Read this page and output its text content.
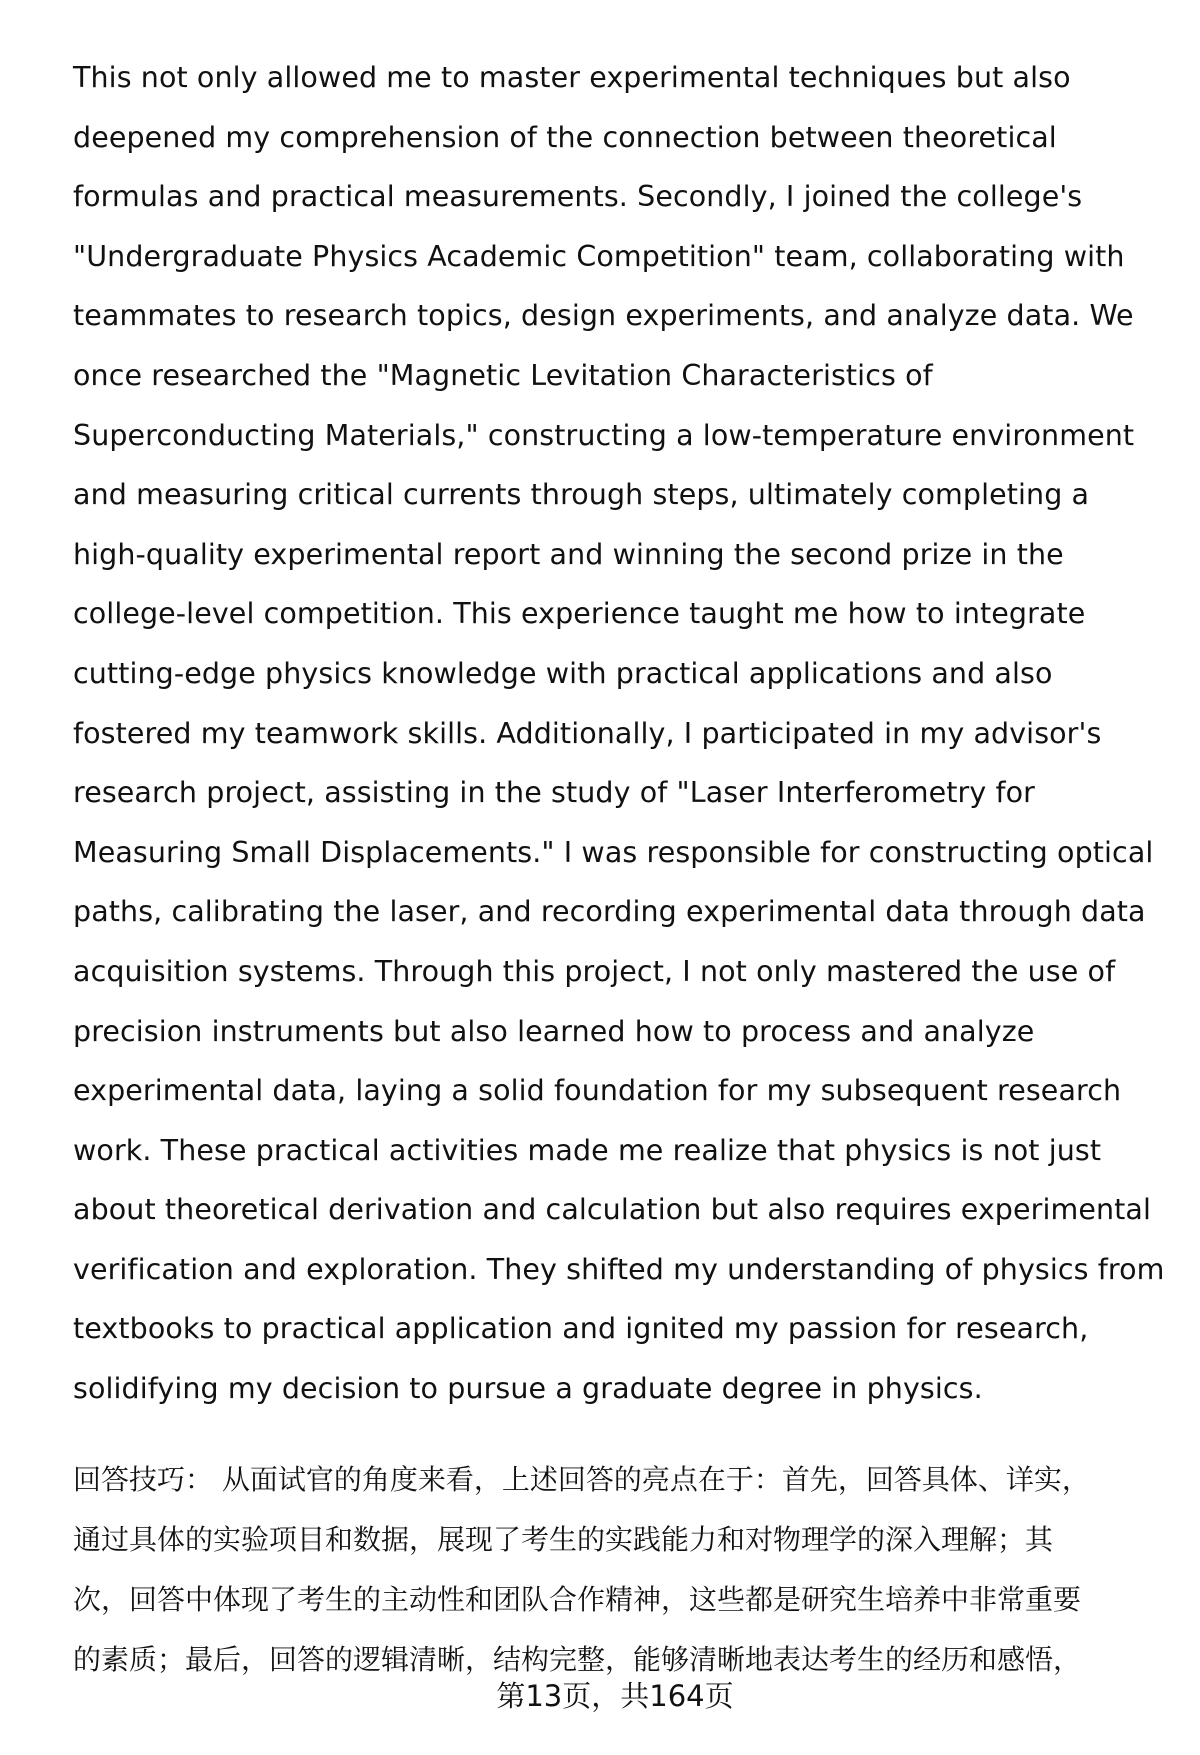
This not only allowed me to master experimental techniques but also
deepened my comprehension of the connection between theoretical
formulas and practical measurements. Secondly, I joined the college's
"Undergraduate Physics Academic Competition" team, collaborating with
teammates to research topics, design experiments, and analyze data. We
once researched the "Magnetic Levitation Characteristics of
Superconducting Materials," constructing a low-temperature environment
and measuring critical currents through steps, ultimately completing a
high-quality experimental report and winning the second prize in the
college-level competition. This experience taught me how to integrate
cutting-edge physics knowledge with practical applications and also
fostered my teamwork skills. Additionally, I participated in my advisor's
research project, assisting in the study of "Laser Interferometry for
Measuring Small Displacements." I was responsible for constructing optical
paths, calibrating the laser, and recording experimental data through data
acquisition systems. Through this project, I not only mastered the use of
precision instruments but also learned how to process and analyze
experimental data, laying a solid foundation for my subsequent research
work. These practical activities made me realize that physics is not just
about theoretical derivation and calculation but also requires experimental
verification and exploration. They shifted my understanding of physics from
textbooks to practical application and ignited my passion for research,
solidifying my decision to pursue a graduate degree in physics.
回答技巧： 从面试官的角度来看，上述回答的亮点在于：首先，回答具体、详实，
通过具体的实验项目和数据，展现了考生的实践能力和对物理学的深入理解；其
次，回答中体现了考生的主动性和团队合作精神，这些都是研究生培养中非常重要
的素质；最后，回答的逻辑清晰，结构完整，能够清晰地表达考生的经历和感悟，
第13页，共164页
